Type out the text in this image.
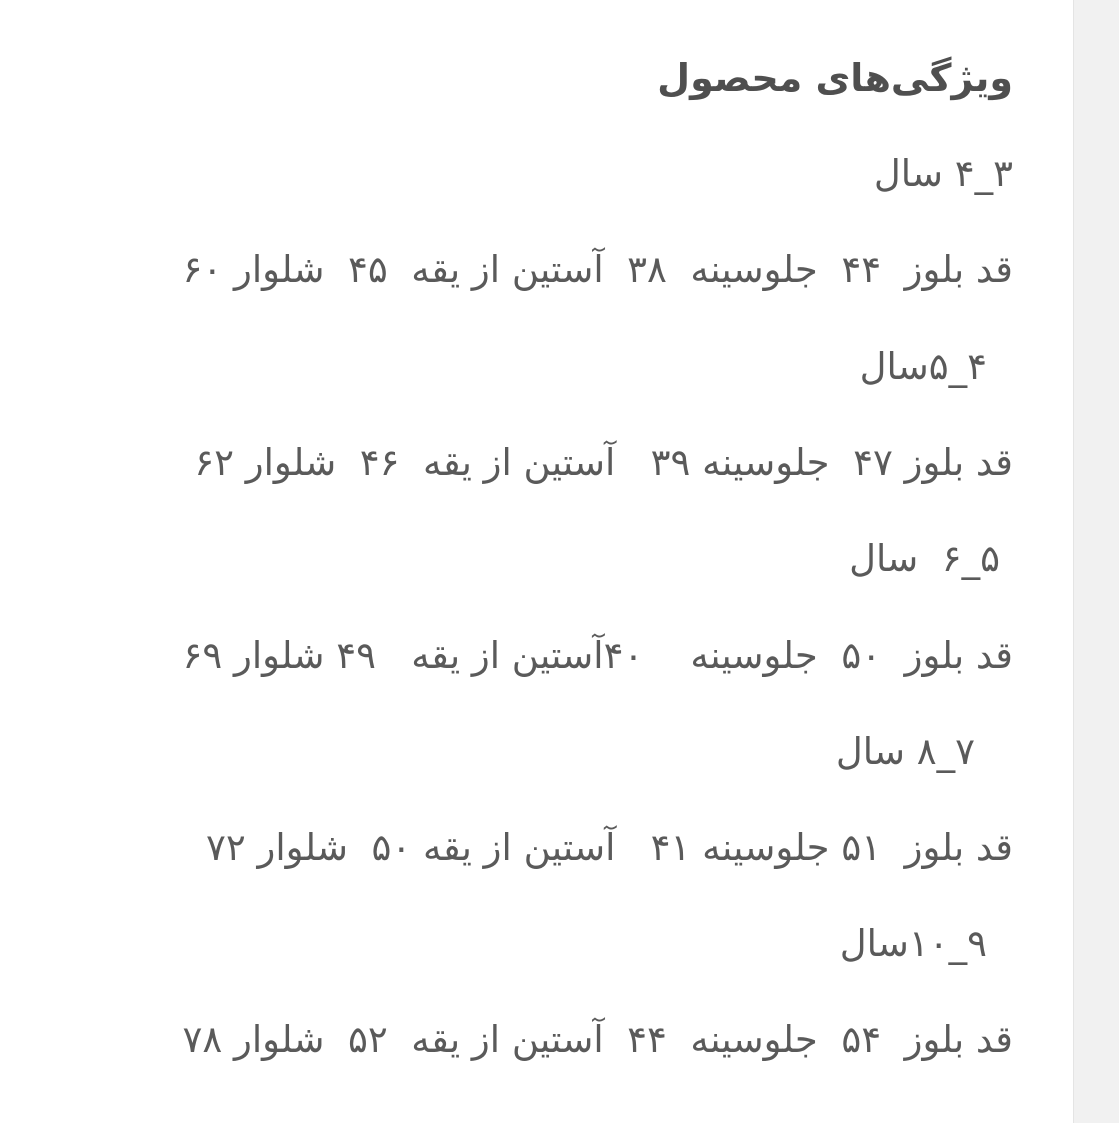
ویژگی‌های محصول

۳_۴ سال

قد بلوز  ۴۴  جلوسینه  ۳۸  آستین از یقه  ۴۵  شلوار ۶۰

۴_۵سال

قد بلوز ۴۷  جلوسینه ۳۹   آستین از یقه  ۴۶  شلوار ۶۲

۵_۶  سال

قد بلوز  ۵۰  جلوسینه    ۴۰آستین از یقه   ۴۹ شلوار ۶۹

۷_۸ سال

قد بلوز  ۵۱ جلوسینه ۴۱   آستین از یقه ۵۰  شلوار ۷۲

۹_۱۰سال

قد بلوز  ۵۴  جلوسینه  ۴۴  آستین از یقه  ۵۲  شلوار ۷۸
